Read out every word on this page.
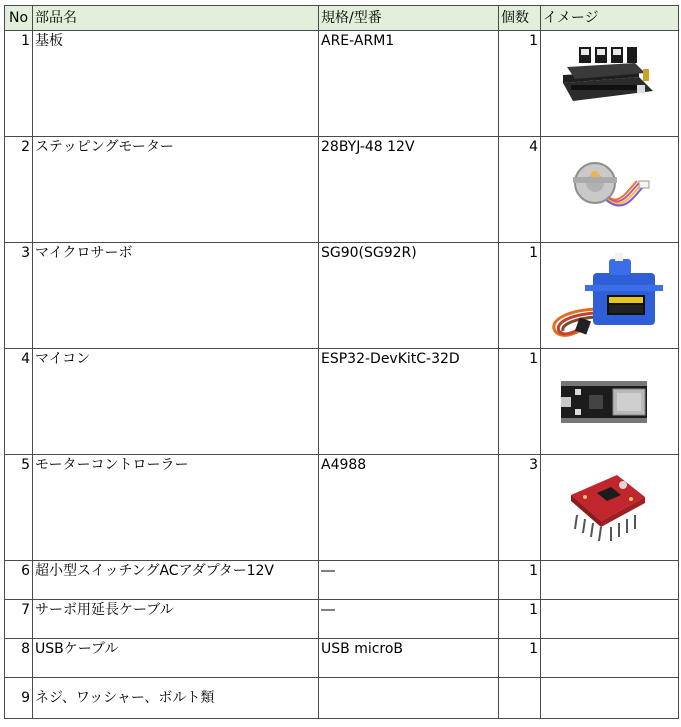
No	部品名	規格/型番	個数	イメージ
1	基板	ARE-ARM1	1	

2	ステッピングモーター	28BYJ-48 12V	4	

3	マイクロサーボ	SG90(SG92R)	1	

4	マイコン	ESP32-DevKitC-32D	1	

5	モーターコントローラー	A4988	3	

6	超小型スイッチングACアダプター12V	―	1	
7	サーボ用延長ケーブル	―	1	
8	USBケーブル	USB microB	1	
9	ネジ、ワッシャー、ボルト類			
